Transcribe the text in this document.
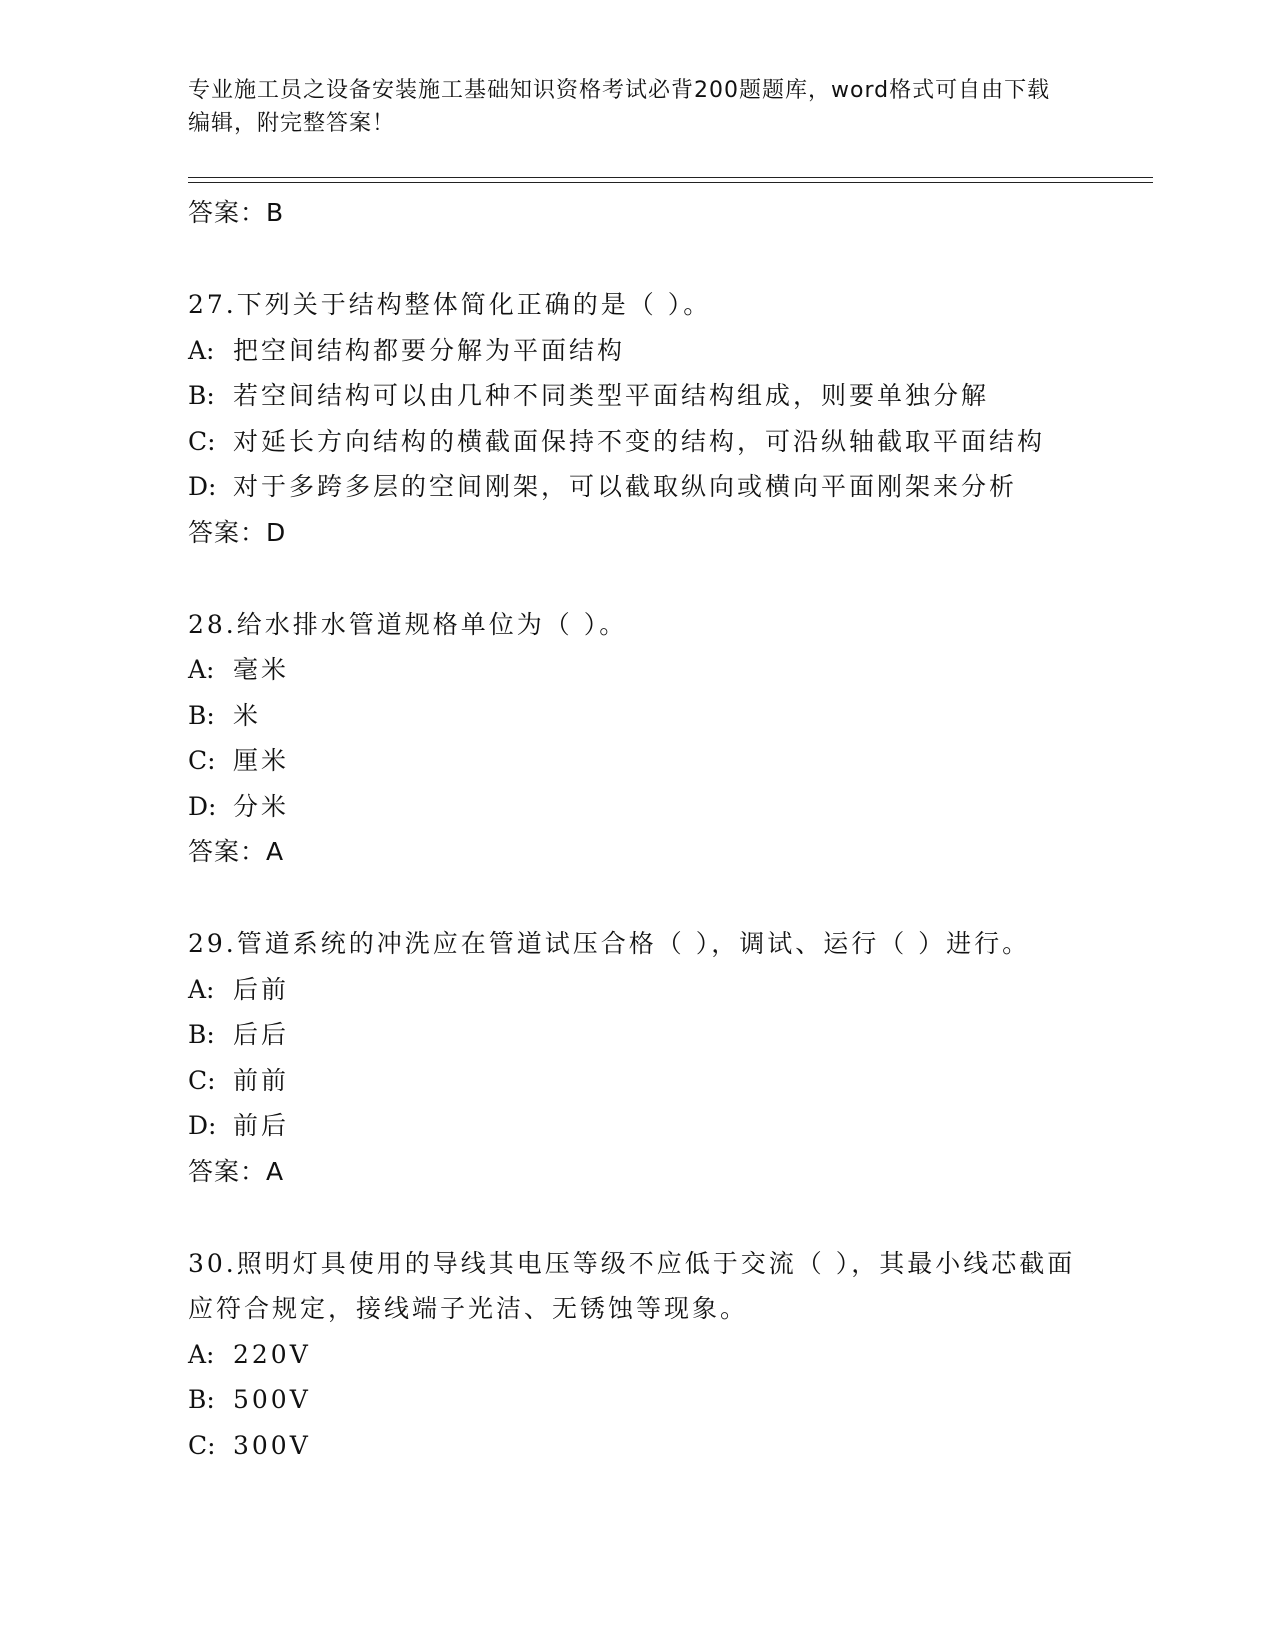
专业施工员之设备安装施工基础知识资格考试必背200题题库，word格式可自由下载编辑，附完整答案！
答案：B
27.下列关于结构整体简化正确的是（ ）。
A: 把空间结构都要分解为平面结构
B: 若空间结构可以由几种不同类型平面结构组成，则要单独分解
C: 对延长方向结构的横截面保持不变的结构，可沿纵轴截取平面结构
D: 对于多跨多层的空间刚架，可以截取纵向或横向平面刚架来分析
答案：D
28.给水排水管道规格单位为（ ）。
A: 毫米
B: 米
C: 厘米
D: 分米
答案：A
29.管道系统的冲洗应在管道试压合格（ ），调试、运行（ ）进行。
A: 后前
B: 后后
C: 前前
D: 前后
答案：A
30.照明灯具使用的导线其电压等级不应低于交流（ ），其最小线芯截面应符合规定，接线端子光洁、无锈蚀等现象。
A: 220V
B: 500V
C: 300V
